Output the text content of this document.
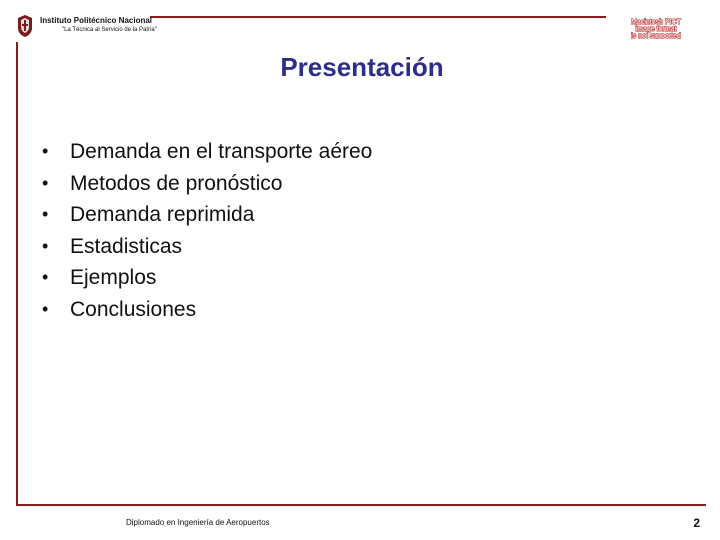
Instituto Politécnico Nacional
"La Técnica al Servicio de la Patria"
Macintosh PICT
image format
is not supported
Presentación
• Demanda en el transporte aéreo
• Metodos de pronóstico
• Demanda reprimida
• Estadisticas
• Ejemplos
• Conclusiones
Diplomado en Ingeniería de Aeropuertos	2
